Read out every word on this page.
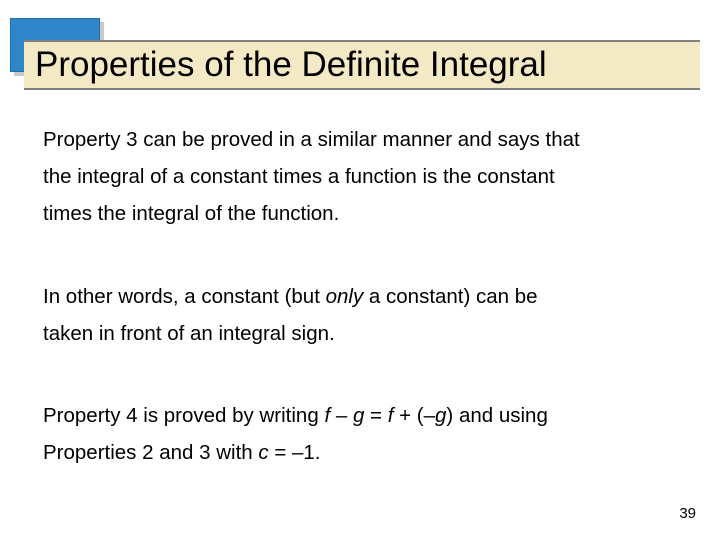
Properties of the Definite Integral
Property 3 can be proved in a similar manner and says that
the integral of a constant times a function is the constant
times the integral of the function.
In other words, a constant (but only a constant) can be
taken in front of an integral sign.
Property 4 is proved by writing f – g = f + (–g) and using
Properties 2 and 3 with c = –1.
39
